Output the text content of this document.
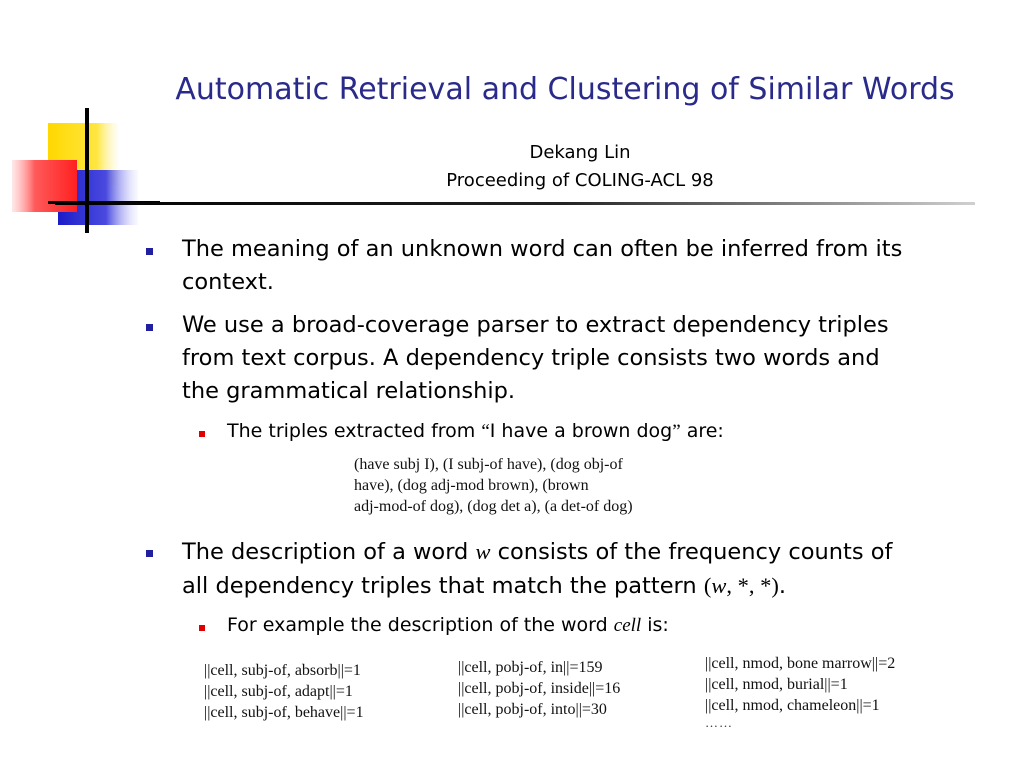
Automatic Retrieval and Clustering of Similar Words
Dekang Lin
Proceeding of COLING-ACL 98
The meaning of an unknown word can often be inferred from its
context.
We use a broad-coverage parser to extract dependency triples
from text corpus. A dependency triple consists two words and
the grammatical relationship.
The triples extracted from “I have a brown dog” are:
(have subj I), (I subj-of have), (dog obj-of
have), (dog adj-mod brown), (brown
adj-mod-of dog), (dog det a), (a det-of dog)
The description of a word w consists of the frequency counts of
all dependency triples that match the pattern (w, *, *).
For example the description of the word cell is:
||cell, subj-of, absorb||=1
||cell, subj-of, adapt||=1
||cell, subj-of, behave||=1
||cell, pobj-of, in||=159
||cell, pobj-of, inside||=16
||cell, pobj-of, into||=30
||cell, nmod, bone marrow||=2
||cell, nmod, burial||=1
||cell, nmod, chameleon||=1
……
